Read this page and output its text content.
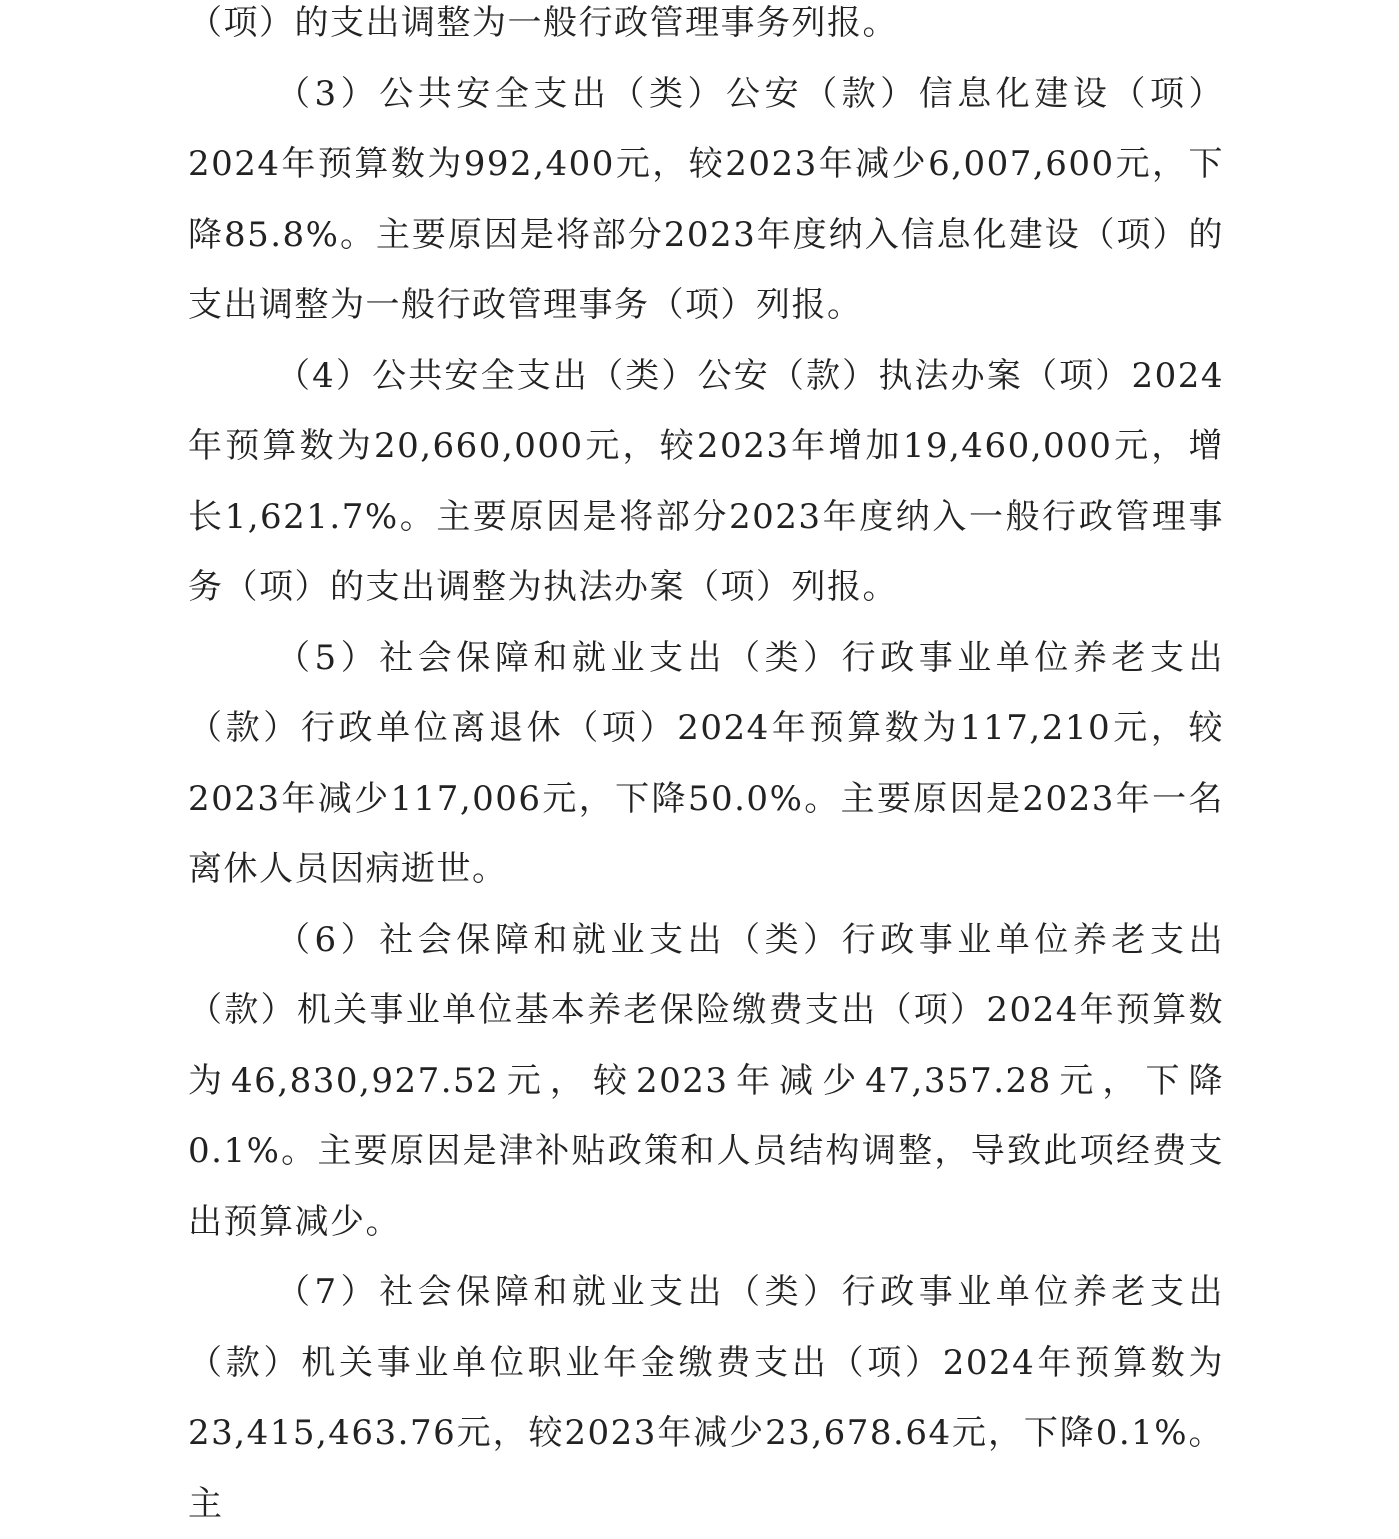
（项）的支出调整为一般行政管理事务列报。

（3）公共安全支出（类）公安（款）信息化建设（项）2024年预算数为992,400元，较2023年减少6,007,600元，下降85.8%。主要原因是将部分2023年度纳入信息化建设（项）的支出调整为一般行政管理事务（项）列报。

（4）公共安全支出（类）公安（款）执法办案（项）2024年预算数为20,660,000元，较2023年增加19,460,000元，增长1,621.7%。主要原因是将部分2023年度纳入一般行政管理事务（项）的支出调整为执法办案（项）列报。

（5）社会保障和就业支出（类）行政事业单位养老支出（款）行政单位离退休（项）2024年预算数为117,210元，较2023年减少117,006元，下降50.0%。主要原因是2023年一名离休人员因病逝世。

（6）社会保障和就业支出（类）行政事业单位养老支出（款）机关事业单位基本养老保险缴费支出（项）2024年预算数为46,830,927.52元，较2023年减少47,357.28元，下降0.1%。主要原因是津补贴政策和人员结构调整，导致此项经费支出预算减少。

（7）社会保障和就业支出（类）行政事业单位养老支出（款）机关事业单位职业年金缴费支出（项）2024年预算数为23,415,463.76元，较2023年减少23,678.64元，下降0.1%。主
